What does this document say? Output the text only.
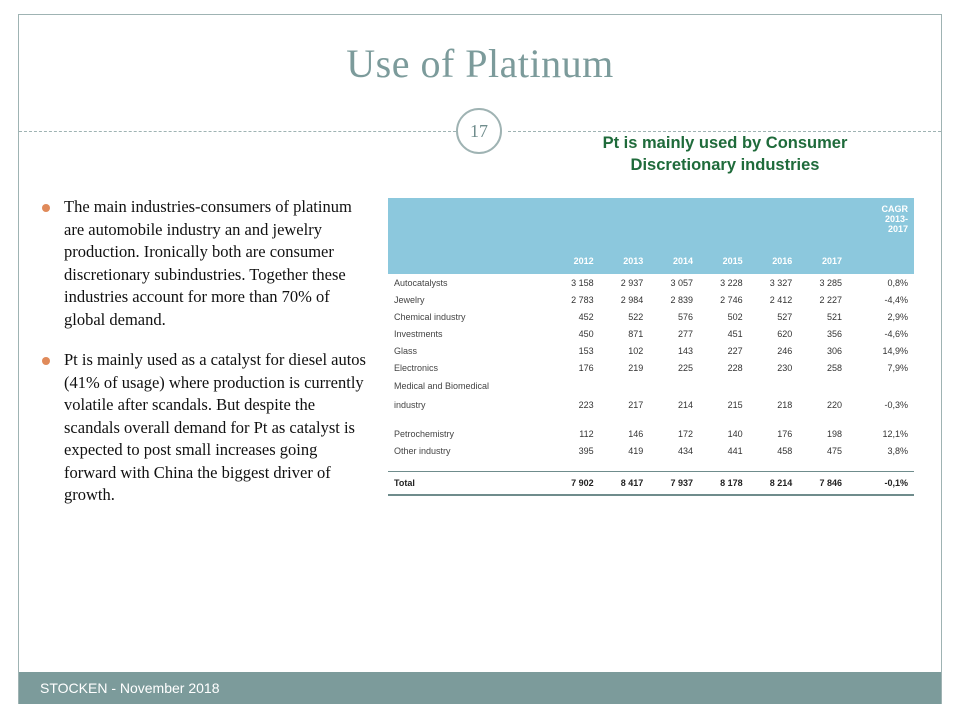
Use of Platinum
17
Pt is mainly used by Consumer
Discretionary industries
The main industries-consumers of platinum are automobile industry an and jewelry production. Ironically both are consumer discretionary subindustries. Together these industries account for more than 70% of global demand.
Pt is mainly used as a catalyst for diesel autos (41% of usage) where production is currently volatile after scandals. But despite the scandals overall demand for Pt as catalyst is expected to post small increases going forward with China the biggest driver of growth.
	2012	2013	2014	2015	2016	2017	CAGR
2013-
2017

Autocatalysts	3 158	2 937	3 057	3 228	3 327	3 285	0,8%
Jewelry	2 783	2 984	2 839	2 746	2 412	2 227	-4,4%
Chemical industry	452	522	576	502	527	521	2,9%
Investments	450	871	277	451	620	356	-4,6%
Glass	153	102	143	227	246	306	14,9%
Electronics	176	219	225	228	230	258	7,9%
Medical and Biomedical							
industry	223	217	214	215	218	220	-0,3%

Petrochemistry	112	146	172	140	176	198	12,1%
Other industry	395	419	434	441	458	475	3,8%

Total	7 902	8 417	7 937	8 178	8 214	7 846	-0,1%
STOCKEN - November 2018
